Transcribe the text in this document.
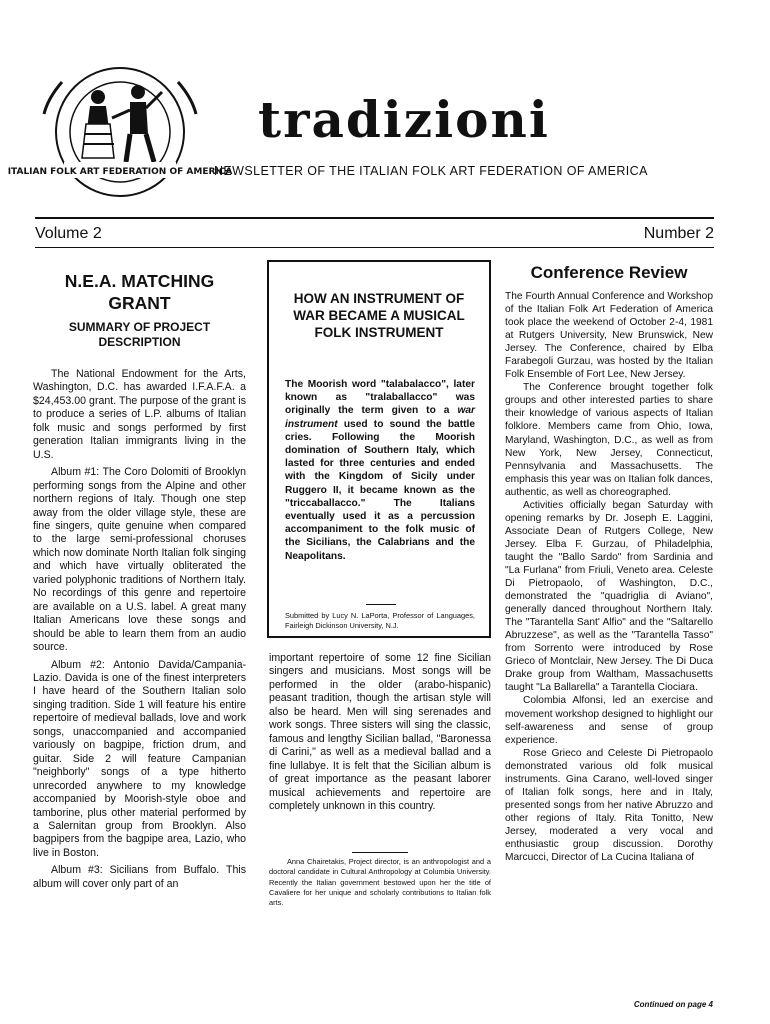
ITALIAN FOLK ART FEDERATION OF AMERICA
tradizioni
NEWSLETTER OF THE ITALIAN FOLK ART FEDERATION OF AMERICA
Volume 2	Number 2
N.E.A. MATCHING GRANT
SUMMARY OF PROJECT DESCRIPTION

The National Endowment for the Arts, Washington, D.C. has awarded I.F.A.F.A. a $24,453.00 grant. The purpose of the grant is to produce a series of L.P. albums of Italian folk music and songs performed by first generation Italian immigrants living in the U.S.

Album #1: The Coro Dolomiti of Brooklyn performing songs from the Alpine and other northern regions of Italy. Though one step away from the older village style, these are fine singers, quite genuine when compared to the large semi-professional choruses which now dominate North Italian folk singing and which have virtually obliterated the varied polyphonic traditions of Northern Italy. No recordings of this genre and repertoire are available on a U.S. label. A great many Italian Americans love these songs and should be able to learn them from an audio source.

Album #2: Antonio Davida/Campania-Lazio. Davida is one of the finest interpreters I have heard of the Southern Italian solo singing tradition. Side 1 will feature his entire repertoire of medieval ballads, love and work songs, unaccompanied and accompanied variously on bagpipe, friction drum, and guitar. Side 2 will feature Campanian "neighborly" songs of a type hitherto unrecorded anywhere to my knowledge accompanied by Moorish-style oboe and tamborine, plus other material performed by a Salernitan group from Brooklyn. Also bagpipers from the bagpipe area, Lazio, who live in Boston.

Album #3: Sicilians from Buffalo. This album will cover only part of an

HOW AN INSTRUMENT OF WAR BECAME A MUSICAL FOLK INSTRUMENT
The Moorish word "talabalacco", later known as "tralaballacco" was originally the term given to a war instrument used to sound the battle cries. Following the Moorish domination of Southern Italy, which lasted for three centuries and ended with the Kingdom of Sicily under Ruggero II, it became known as the "triccaballacco." The Italians eventually used it as a percussion accompaniment to the folk music of the Sicilians, the Calabrians and the Neapolitans.
Submitted by Lucy N. LaPorta, Professor of Languages, Fairleigh Dickinson University, N.J.

important repertoire of some 12 fine Sicilian singers and musicians. Most songs will be performed in the older (arabo-hispanic) peasant tradition, though the artisan style will also be heard. Men will sing serenades and work songs. Three sisters will sing the classic, famous and lengthy Sicilian ballad, "Baronessa di Carini," as well as a medieval ballad and a fine lullabye. It is felt that the Sicilian album is of great importance as the peasant laborer musical achievements and repertoire are completely unknown in this country.

Anna Chairetakis, Project director, is an anthropologist and a doctoral candidate in Cultural Anthropology at Columbia University. Recently the Italian government bestowed upon her the title of Cavaliere for her unique and scholarly contributions to Italian folk arts.
Conference Review

The Fourth Annual Conference and Workshop of the Italian Folk Art Federation of America took place the weekend of October 2-4, 1981 at Rutgers University, New Brunswick, New Jersey. The Conference, chaired by Elba Farabegoli Gurzau, was hosted by the Italian Folk Ensemble of Fort Lee, New Jersey.

The Conference brought together folk groups and other interested parties to share their knowledge of various aspects of Italian folklore. Members came from Ohio, Iowa, Maryland, Washington, D.C., as well as from New York, New Jersey, Connecticut, Pennsylvania and Massachusetts. The emphasis this year was on Italian folk dances, authentic, as well as choreographed.

Activities officially began Saturday with opening remarks by Dr. Joseph E. Laggini, Associate Dean of Rutgers College, New Jersey. Elba F. Gurzau, of Philadelphia, taught the "Ballo Sardo" from Sardinia and "La Furlana" from Friuli, Veneto area. Celeste Di Pietropaolo, of Washington, D.C., demonstrated the "quadriglia di Aviano", generally danced throughout Northern Italy. The "Tarantella Sant' Alfio" and the "Saltarello Abruzzese", as well as the "Tarantella Tasso" from Sorrento were introduced by Rose Grieco of Montclair, New Jersey. The Di Duca Drake group from Waltham, Massachusetts taught "La Ballarella" a Tarantella Ciociara.

Colombia Alfonsi, led an exercise and movement workshop designed to highlight our self-awareness and sense of group experience.

Rose Grieco and Celeste Di Pietropaolo demonstrated various old folk musical instruments. Gina Carano, well-loved singer of Italian folk songs, here and in Italy, presented songs from her native Abruzzo and other regions of Italy. Rita Tonitto, New Jersey, moderated a very vocal and enthusiastic group discussion. Dorothy Marcucci, Director of La Cucina Italiana of

Continued on page 4
